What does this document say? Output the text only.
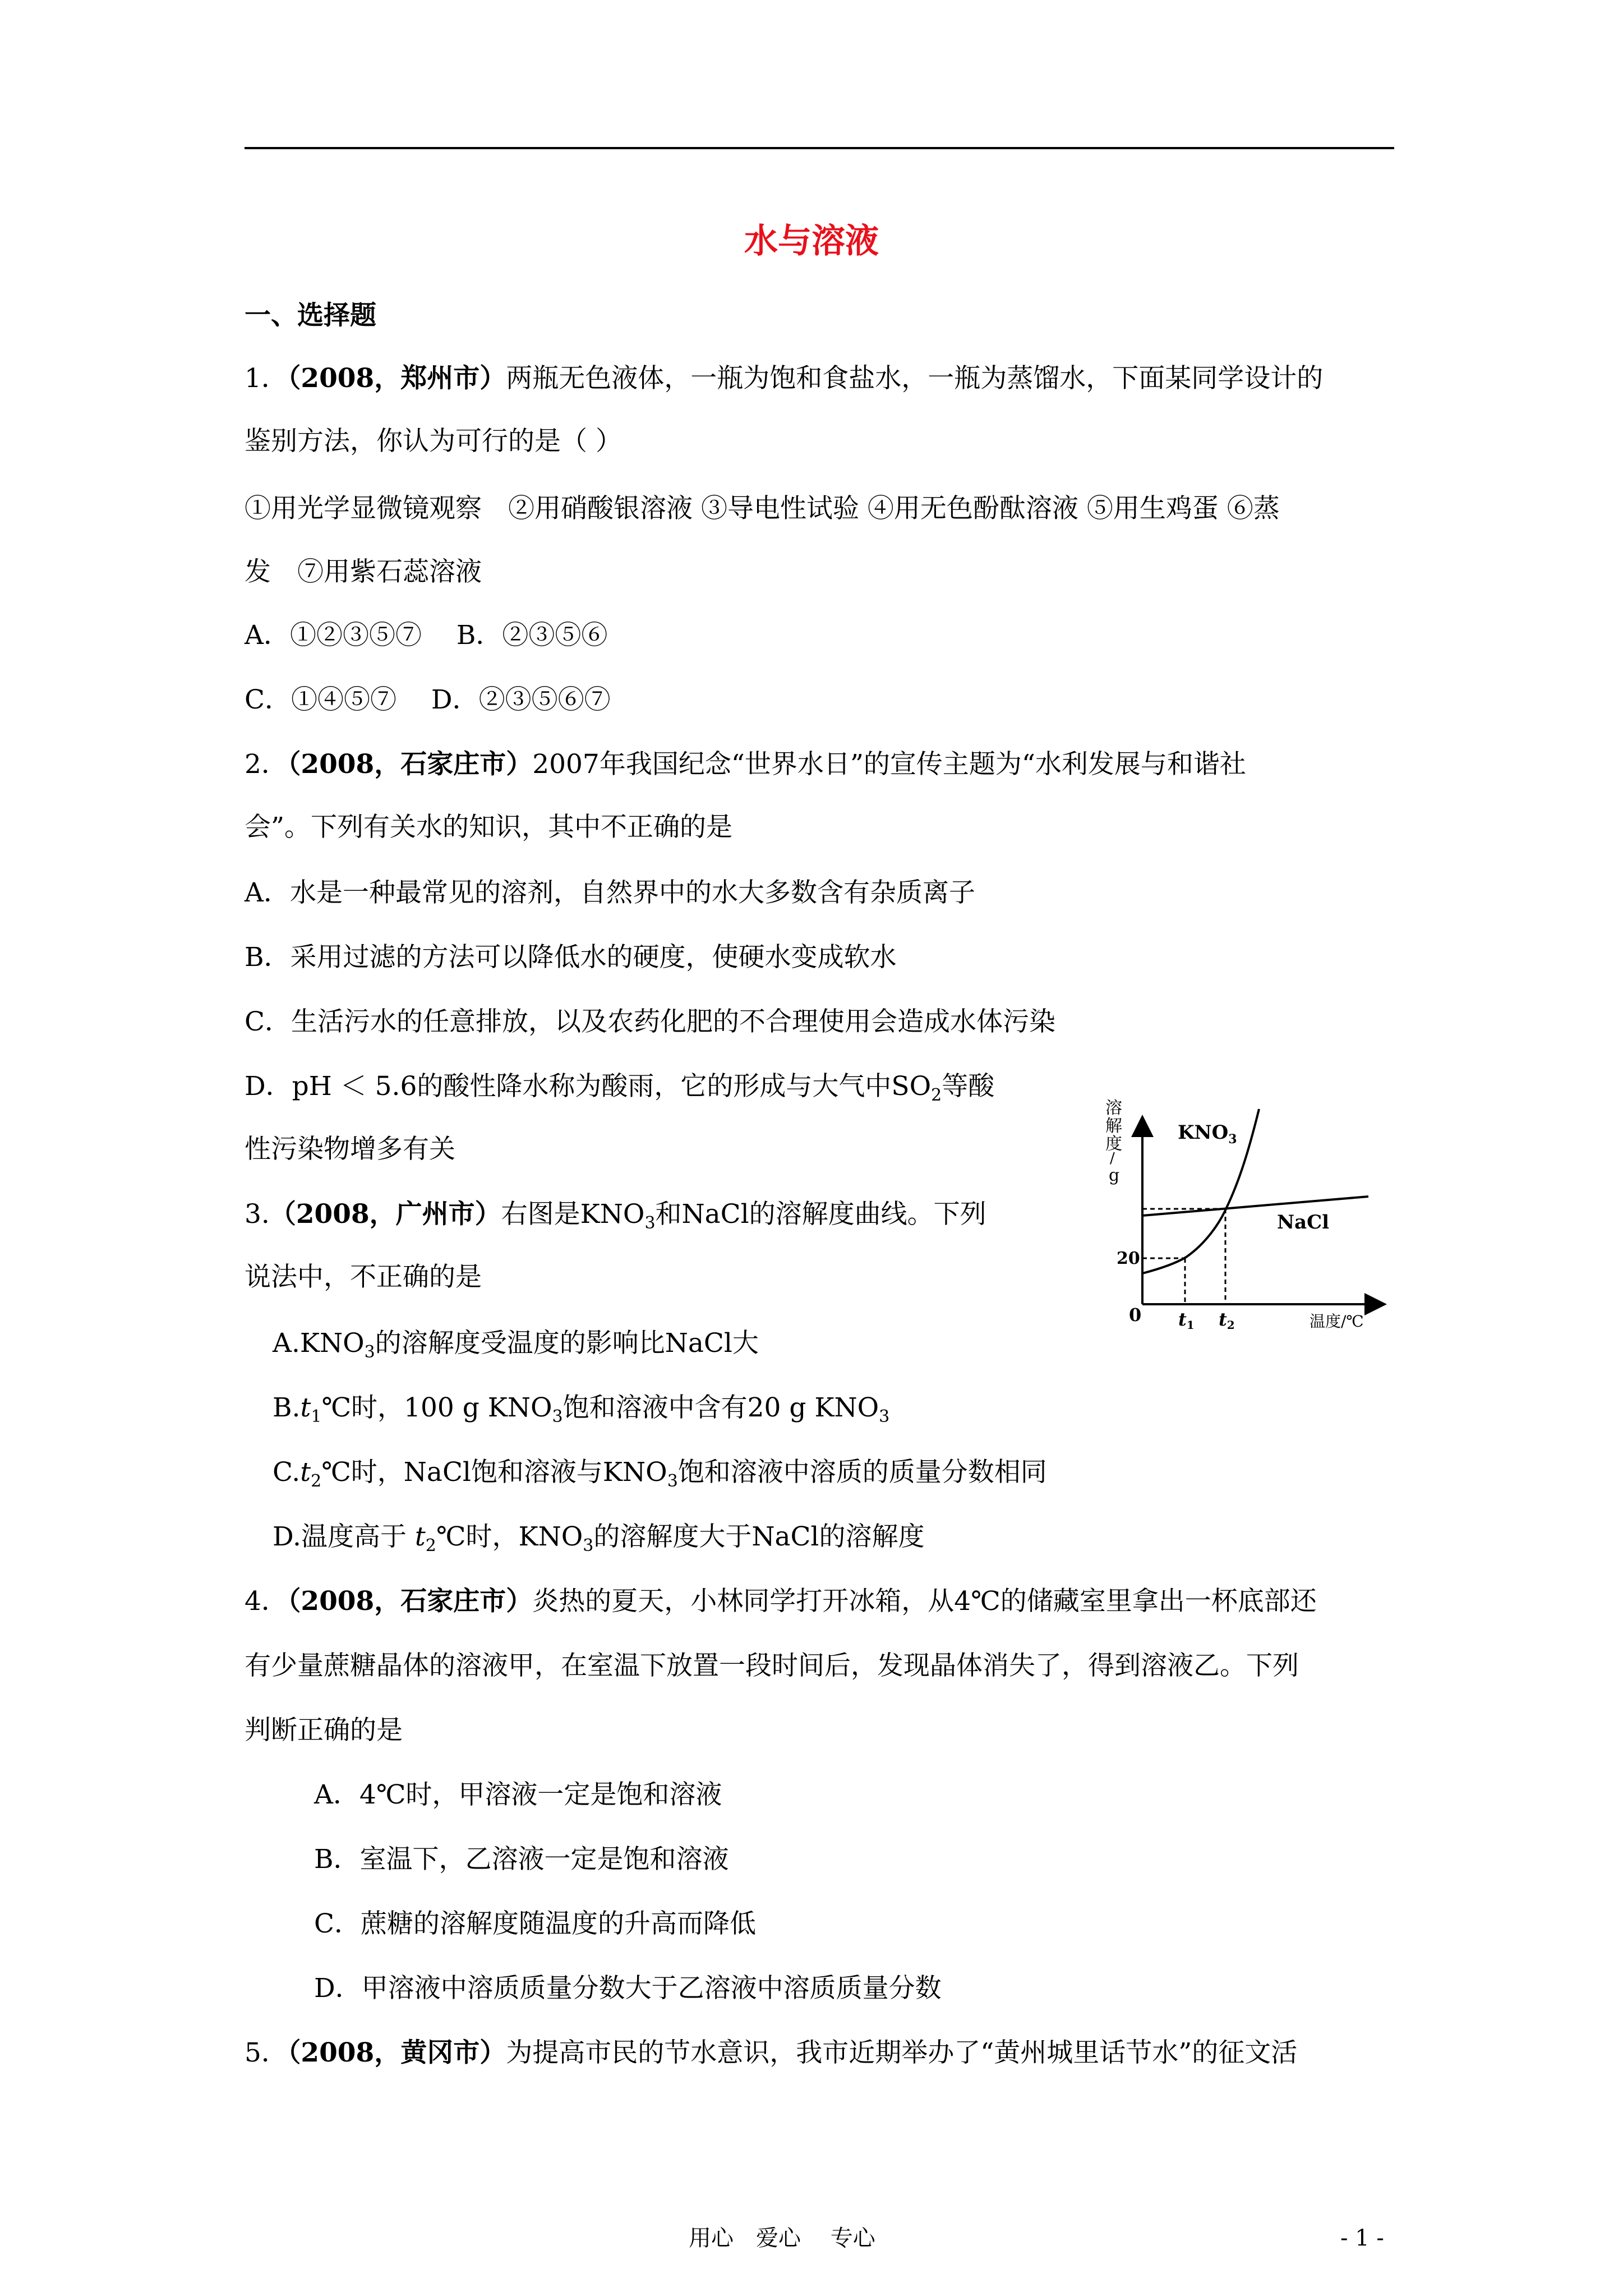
水与溶液
一、选择题
1．（2008，郑州市）两瓶无色液体，一瓶为饱和食盐水，一瓶为蒸馏水，下面某同学设计的
鉴别方法，你认为可行的是（ ）
①用光学显微镜观察　②用硝酸银溶液 ③导电性试验 ④用无色酚酞溶液 ⑤用生鸡蛋 ⑥蒸
发　⑦用紫石蕊溶液
A．①②③⑤⑦　 B．②③⑤⑥
C．①④⑤⑦　 D．②③⑤⑥⑦
2．（2008，石家庄市）2007年我国纪念“世界水日”的宣传主题为“水利发展与和谐社
会”。下列有关水的知识，其中不正确的是
A．水是一种最常见的溶剂，自然界中的水大多数含有杂质离子
B．采用过滤的方法可以降低水的硬度，使硬水变成软水
C．生活污水的任意排放，以及农药化肥的不合理使用会造成水体污染
D．pH ＜ 5.6的酸性降水称为酸雨，它的形成与大气中$SO_2$等酸
性污染物增多有关
3.（2008，广州市）右图是$KNO_3$和NaCl的溶解度曲线。下列
说法中，不正确的是
$A.KNO_3$的溶解度受温度的影响比NaCl大
$B.t_1℃$时，100 g $KNO_3$饱和溶液中含有20 g $KNO_3$
$C.t_2℃$时，NaCl饱和溶液与$KNO_3$饱和溶液中溶质的质量分数相同
D.温度高于 $t_2℃$时，$KNO_3$的溶解度大于NaCl的溶解度
4．（2008，石家庄市）炎热的夏天，小林同学打开冰箱，从4℃的储藏室里拿出一杯底部还
有少量蔗糖晶体的溶液甲，在室温下放置一段时间后，发现晶体消失了，得到溶液乙。下列
判断正确的是
A．4℃时，甲溶液一定是饱和溶液
B．室温下，乙溶液一定是饱和溶液
C．蔗糖的溶解度随温度的升高而降低
D．甲溶液中溶质质量分数大于乙溶液中溶质质量分数
5．（2008，黄冈市）为提高市民的节水意识，我市近期举办了“黄州城里话节水”的征文活
溶
解
度
/
g
$KNO_3$
NaCl
20
0 t1 t2	温度/℃
用心　爱心　 专心	- 1 -
